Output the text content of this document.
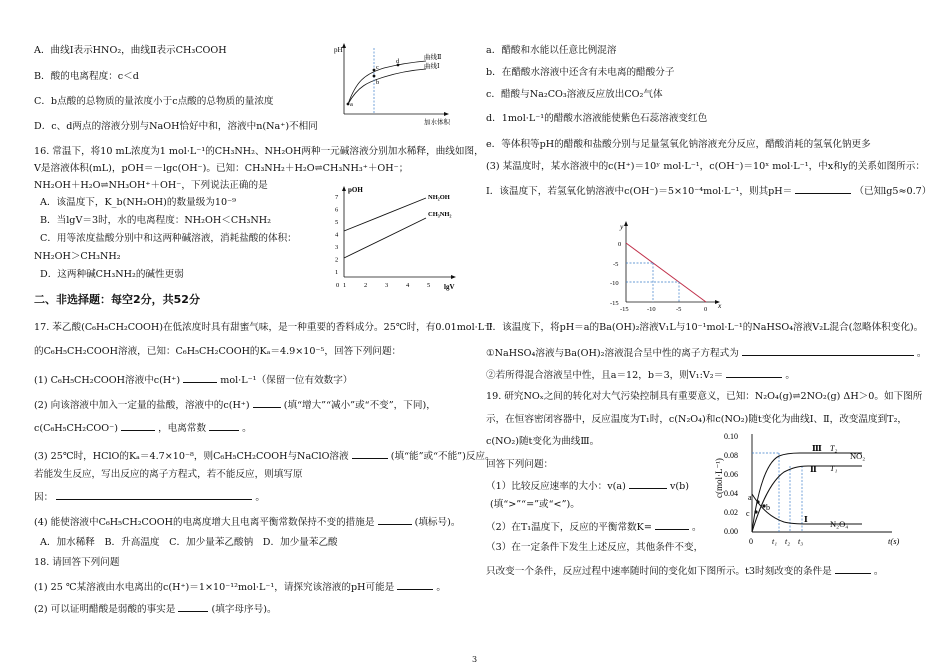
A．曲线Ⅰ表示HNO₂，曲线Ⅱ表示CH₃COOH
B．酸的电离程度：c＜d
C．b点酸的总物质的量浓度小于c点酸的总物质的量浓度
D．c、d两点的溶液分别与NaOH恰好中和，溶液中n(Na⁺)不相同
pH
加水体积
a
b
c
d
曲线Ⅱ
曲线Ⅰ
16. 常温下，将10 mL浓度为1 mol·L⁻¹的CH₃NH₂、NH₂OH两种一元碱溶液分别加水稀释，曲线如图，
V是溶液体积(mL)，pOH＝－lgc(OH⁻)。已知：CH₃NH₂＋H₂O⇌CH₃NH₃⁺＋OH⁻；
NH₂OH＋H₂O⇌NH₃OH⁺＋OH⁻，下列说法正确的是
A．该温度下，K_b(NH₂OH)的数量级为10⁻⁹
B．当lgV＝3时，水的电离程度：NH₂OH＜CH₃NH₂
C．用等浓度盐酸分别中和这两种碱溶液，消耗盐酸的体积：
NH₂OH＞CH₃NH₂
D．这两种碱CH₃NH₂的碱性更弱
pOH
lgV
7
6
5
4
3
2
1
0 1	2	3	4	5
NH₂OH
CH₃NH₂
二、非选择题：每空2分，共52分
17. 苯乙酸(C₆H₅CH₂COOH)在低浓度时具有甜蜜气味，是一种重要的香料成分。25℃时，有0.01mol·L⁻¹
的C₆H₅CH₂COOH溶液，已知：C₆H₅CH₂COOH的Kₐ＝4.9×10⁻⁵，回答下列问题：
(1) C₆H₅CH₂COOH溶液中c(H⁺)	mol·L⁻¹（保留一位有效数字）
(2) 向该溶液中加入一定量的盐酸，溶液中的c(H⁺)	(填“增大”“减小”或“不变”，下同)，
c(C₆H₅CH₂COO⁻)	，电离常数	。
(3) 25℃时，HClO的Kₐ＝4.7×10⁻⁸，则C₆H₅CH₂COOH与NaClO溶液	(填“能”或“不能”)反应。
若能发生反应，写出反应的离子方程式，若不能反应，则填写原
因：	。
(4) 能使溶液中C₆H₅CH₂COOH的电离度增大且电离平衡常数保持不变的措施是	(填标号)。
A．加水稀释　B．升高温度　C．加少量苯乙酸钠　D．加少量苯乙酸
18. 请回答下列问题
(1) 25 ℃某溶液由水电离出的c(H⁺)＝1×10⁻¹²mol·L⁻¹，请探究该溶液的pH可能是	。
(2) 可以证明醋酸是弱酸的事实是	(填字母序号)。
a．醋酸和水能以任意比例混溶
b．在醋酸水溶液中还含有未电离的醋酸分子
c．醋酸与Na₂CO₃溶液反应放出CO₂气体
d．1mol·L⁻¹的醋酸水溶液能使紫色石蕊溶液变红色
e．等体积等pH的醋酸和盐酸分别与足量氢氧化钠溶液充分反应，醋酸消耗的氢氧化钠更多
(3) 某温度时，某水溶液中的c(H⁺)＝10ʸ mol·L⁻¹，c(OH⁻)＝10ˣ mol·L⁻¹，中x和y的关系如图所示：
Ⅰ．该温度下，若氢氧化钠溶液中c(OH⁻)＝5×10⁻⁴mol·L⁻¹，则其pH＝	（已知lg5≈0.7）
y
x
0
-5
-10
-15
-15	-10	-5	0
Ⅱ．该温度下，将pH＝a的Ba(OH)₂溶液V₁L与10⁻¹mol·L⁻¹的NaHSO₄溶液V₂L混合(忽略体积变化)。
①NaHSO₄溶液与Ba(OH)₂溶液混合呈中性的离子方程式为	。
②若所得混合溶液呈中性，且a＝12，b＝3，则V₁:V₂＝	。
19. 研究NOₓ之间的转化对大气污染控制具有重要意义，已知：N₂O₄(g)⇌2NO₂(g) ΔH＞0。如下图所
示，在恒容密闭容器中，反应温度为T₁时，c(N₂O₄)和c(NO₂)随t变化为曲线Ⅰ、Ⅱ，改变温度到T₂，
c(NO₂)随t变化为曲线Ⅲ。
回答下列问题：
（1）比较反应速率的大小：v(a)	v(b)
(填“>”“=”或“<”)。
（2）在T₁温度下，反应的平衡常数K=	。
（3）在一定条件下发生上述反应，其他条件不变，
只改变一个条件，反应过程中速率随时间的变化如下图所示。t3时刻改变的条件是	。
c(mol·L⁻¹)
t(s)
0.10
0.08
0.06
0.04
0.02
0.00
0 t₁ t₂ t₃
a
b
c
Ⅲ
Ⅱ
Ⅰ
T₂
T₁
NO₂
N₂O₄
3
